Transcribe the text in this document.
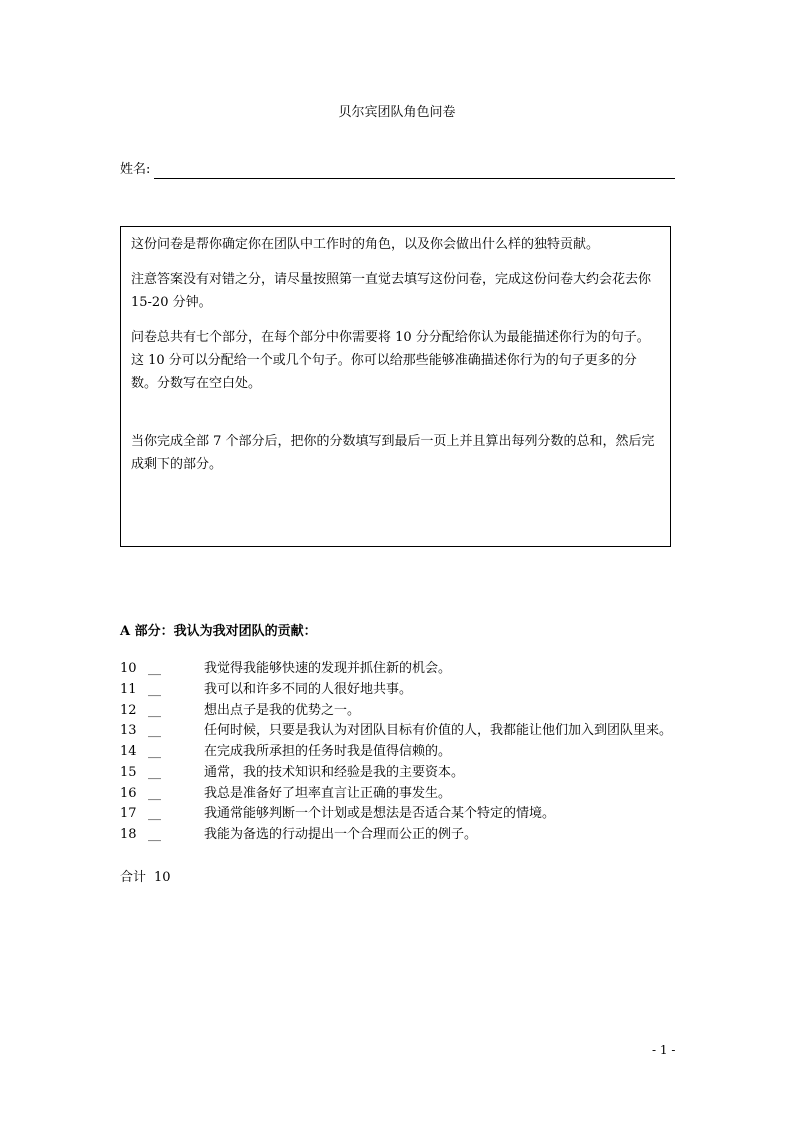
贝尔宾团队角色问卷
姓名:

这份问卷是帮你确定你在团队中工作时的角色，以及你会做出什么样的独特贡献。

注意答案没有对错之分，请尽量按照第一直觉去填写这份问卷，完成这份问卷大约会花去你 15-20 分钟。

问卷总共有七个部分，在每个部分中你需要将 10 分分配给你认为最能描述你行为的句子。这 10 分可以分配给一个或几个句子。你可以给那些能够准确描述你行为的句子更多的分数。分数写在空白处。

当你完成全部 7 个部分后，把你的分数填写到最后一页上并且算出每列分数的总和，然后完成剩下的部分。

A 部分：我认为我对团队的贡献：
10 __	我觉得我能够快速的发现并抓住新的机会。
11 __	我可以和许多不同的人很好地共事。
12 __	想出点子是我的优势之一。
13 __	任何时候，只要是我认为对团队目标有价值的人，我都能让他们加入到团队里来。
14 __	在完成我所承担的任务时我是值得信赖的。
15 __	通常，我的技术知识和经验是我的主要资本。
16 __	我总是准备好了坦率直言让正确的事发生。
17 __	我通常能够判断一个计划或是想法是否适合某个特定的情境。
18 __	我能为备选的行动提出一个合理而公正的例子。
合计 10
- 1 -
